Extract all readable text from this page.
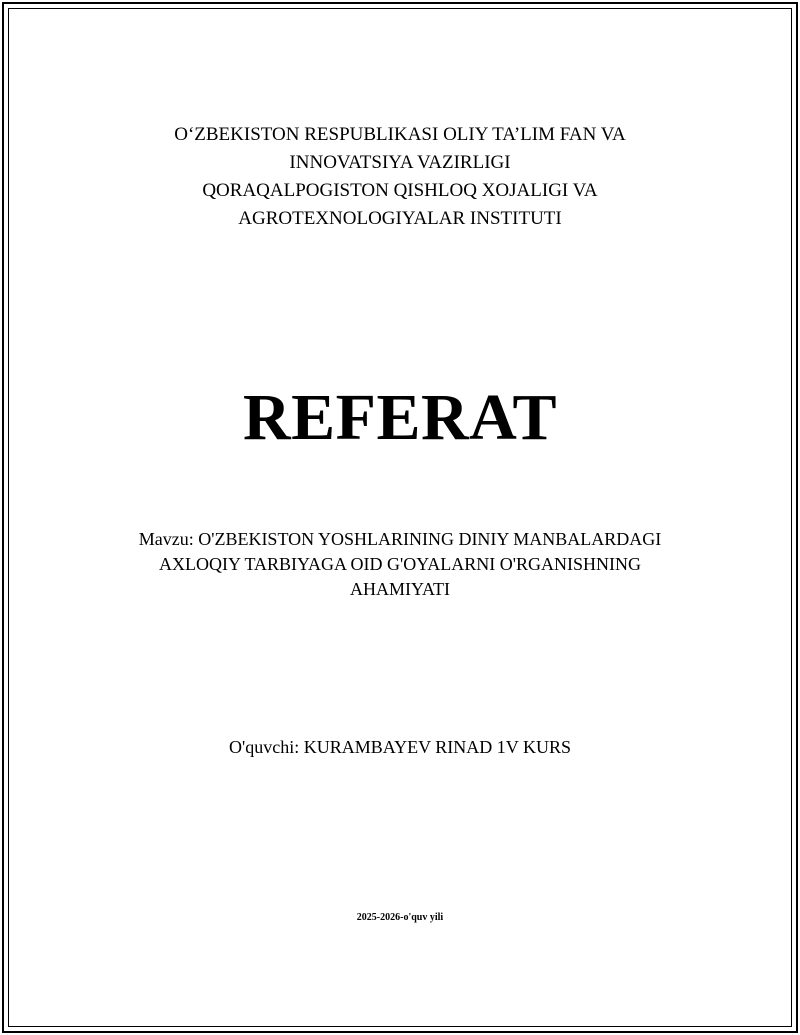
O‘ZBEKISTON RESPUBLIKASI OLIY TA’LIM FAN VA
INNOVATSIYA VAZIRLIGI
QORAQALPOGISTON QISHLOQ XOJALIGI VA
AGROTEXNOLOGIYALAR INSTITUTI
REFERAT
Mavzu: O'ZBEKISTON YOSHLARINING DINIY MANBALARDAGI
AXLOQIY TARBIYAGA OID G'OYALARNI O'RGANISHNING
AHAMIYATI
O'quvchi: KURAMBAYEV RINAD 1V KURS
2025-2026-o'quv yili
